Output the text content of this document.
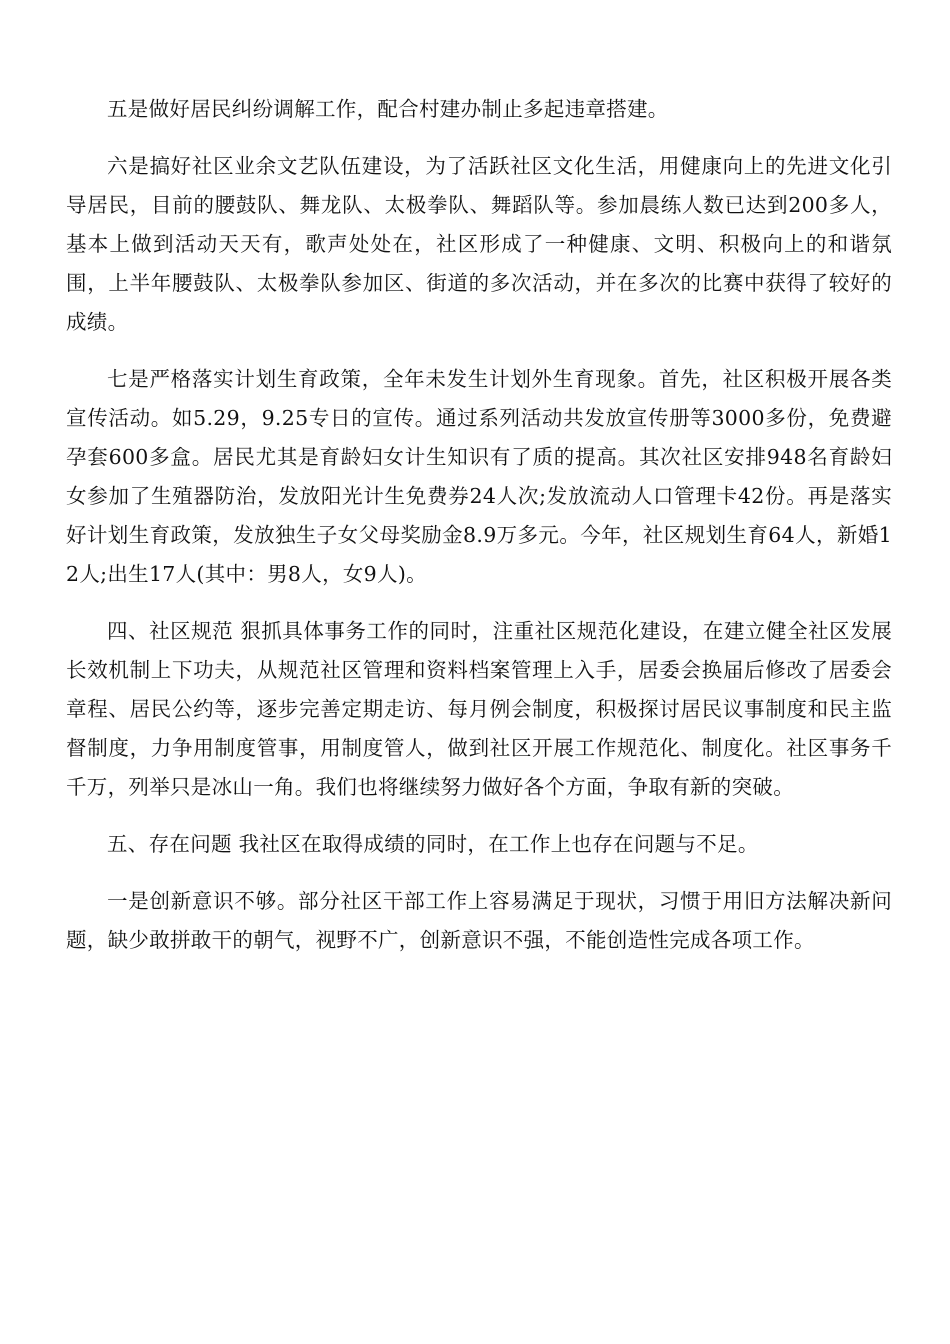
五是做好居民纠纷调解工作，配合村建办制止多起违章搭建。

六是搞好社区业余文艺队伍建设，为了活跃社区文化生活，用健康向上的先进文化引导居民，目前的腰鼓队、舞龙队、太极拳队、舞蹈队等。参加晨练人数已达到200多人，基本上做到活动天天有，歌声处处在，社区形成了一种健康、文明、积极向上的和谐氛围，上半年腰鼓队、太极拳队参加区、街道的多次活动，并在多次的比赛中获得了较好的成绩。

七是严格落实计划生育政策，全年未发生计划外生育现象。首先，社区积极开展各类宣传活动。如5.29，9.25专日的宣传。通过系列活动共发放宣传册等3000多份，免费避孕套600多盒。居民尤其是育龄妇女计生知识有了质的提高。其次社区安排948名育龄妇女参加了生殖器防治，发放阳光计生免费券24人次;发放流动人口管理卡42份。再是落实好计划生育政策，发放独生子女父母奖励金8.9万多元。今年，社区规划生育64人，新婚12人;出生17人(其中：男8人，女9人)。

四、社区规范 狠抓具体事务工作的同时，注重社区规范化建设，在建立健全社区发展长效机制上下功夫，从规范社区管理和资料档案管理上入手，居委会换届后修改了居委会章程、居民公约等，逐步完善定期走访、每月例会制度，积极探讨居民议事制度和民主监督制度，力争用制度管事，用制度管人，做到社区开展工作规范化、制度化。社区事务千千万，列举只是冰山一角。我们也将继续努力做好各个方面，争取有新的突破。

五、存在问题 我社区在取得成绩的同时，在工作上也存在问题与不足。

一是创新意识不够。部分社区干部工作上容易满足于现状，习惯于用旧方法解决新问题，缺少敢拼敢干的朝气，视野不广，创新意识不强，不能创造性完成各项工作。
